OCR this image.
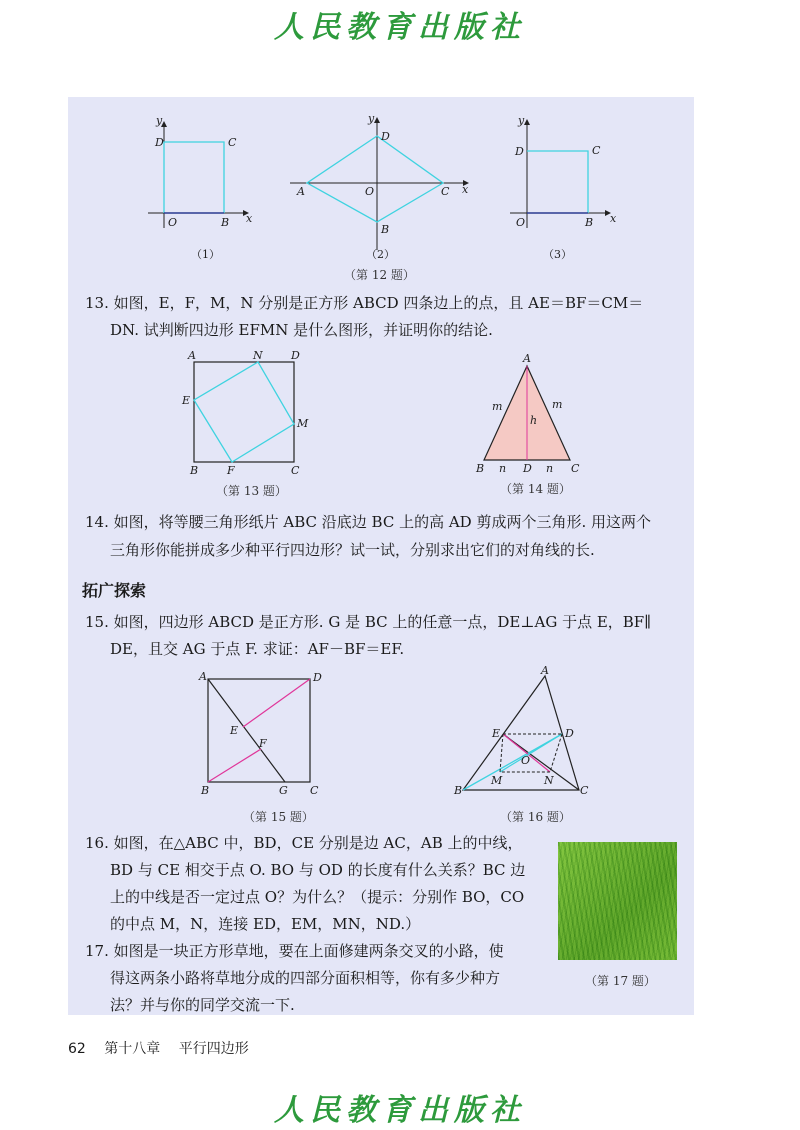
人民教育出版社
D	C
O	B x
y
D
A	O	C
B
x
y
D	C
O	B x
y
（1）	（2）	（3）
（第 12 题）
13. 如图，E，F，M，N 分别是正方形 ABCD 四条边上的点，且 AE＝BF＝CM＝
DN. 试判断四边形 EFMN 是什么图形，并证明你的结论.
A	N	D
E
M
B	F	C
（第 13 题）
A
m	m
h
B n D n C
（第 14 题）
14. 如图，将等腰三角形纸片 ABC 沿底边 BC 上的高 AD 剪成两个三角形. 用这两个
三角形你能拼成多少种平行四边形？试一试，分别求出它们的对角线的长.
拓广探索
15. 如图，四边形 ABCD 是正方形. G 是 BC 上的任意一点，DE⊥AG 于点 E，BF∥
DE，且交 AG 于点 F. 求证：AF－BF＝EF.
A	D
E
F
B	G C
（第 15 题）
A
E	D
O
M	N
B	C
（第 16 题）
16. 如图，在△ABC 中，BD，CE 分别是边 AC，AB 上的中线，
BD 与 CE 相交于点 O. BO 与 OD 的长度有什么关系？BC 边
上的中线是否一定过点 O？为什么？（提示：分别作 BO，CO
的中点 M，N，连接 ED，EM，MN，ND.）
17. 如图是一块正方形草地，要在上面修建两条交叉的小路，使
得这两条小路将草地分成的四部分面积相等，你有多少种方
法？并与你的同学交流一下.
（第 17 题）
62 第十八章 平行四边形
人民教育出版社
